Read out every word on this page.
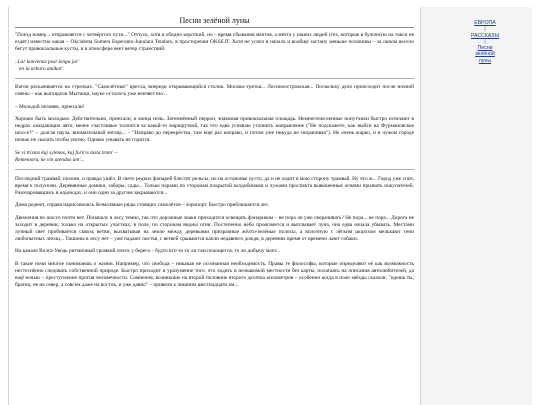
Песни зелёной луны	ЕВРОПА
|
РАССКАЗЫ
|
Песни
зелёной
луны

"Поезд номер... отправляется с четвёртого пути..." Отпуск, хотя я обидно короткий, но – время сбывания мечтов, а мечта у наших людей (тех, которые в булочную на такси не ездят) известно какая – Okcidenta Somera Esperanto-Junulara Tendaro, в просторечии OKSEJT. Хотя не успел в начало и вообще застану меньше половины – за окном весело бегут привокзальные кусты, и в атмосфере веет ветер странствий.

..Lar kanvenas post longa jar'
en la arbaro amikar'.

Вагон раскачивается на стрелках. "Самолётные" кресла, впереди открывающийся столик. Москва–третья... Лосиноостровская... Поскольку дело происходит после ночной смены – как выглядели Мытищи, наукe осталось уже неизвестно...

– Молодой человек, приехали!

Хорошо быть молодым. Действительно, приехали, и конца ночь. Затемнённый перрон, знакомая привокзальная площадь. Немногочисленные попутчики быстро исчезают в недрах ожидающих авто, менее счастливые толпятся за какой-то маршруткой, так что едва успеваю уточнить направление ("Не подскажете, как выйти на Фурмановское шоссе?" – долгая пауза, внимательный взгляд... – "Направо до перекрёстка, там ещё раз направо, и потом уже никуда не сворачивая"). Не очень жарко, и в чужом городе ночью не сказать чтобы уютно. Однако унывать не годится.

Se vi tristas kaj sylenas, kaj foriris lasta tram' –
Rememoru, ke vin atendas am'...

Последний трамвай, похоже, и правда ушёл. В свете редких фонарей блестят рельсы, но на остановке пусто, да и не ходит в мою сторону трамвай. Ну что ж... Город уже спит, время к полуночи. Деревянные домики, заборы, сады... Только парами по сторонам покрытой колдобинами и лужами проспекта вывешенные огнями призвать покупателей. Разочаровавшись в надеждах, и они один за другим закрываются...

Дома редеют, справа нарисовались безмолвные ряды стоящих самолётов – аэропорт. Быстро приближается лес.

Движения по шоссе почти нет. Поначалу в лесу темно, так что дорожные знаки приходится освещать фонариком – не пора ли уже сворачивать? Не пора... не пора... Дорога не заходит в деревни, только на открытых участках, в поле, по сторонам видны огни. Постепенно небо проясняется и выплывает луна, она едва начала убывать. Местами лунный свет пробивается сквозь ветви, выхватывая на земле между деревьями призрачные жёлто-зелёные полосы, а вплотную с лёгким шорохом мелькают тени любопытных лисиц... Тишины в лесу нет – уже падают листья, с ветвей срываются капли недавнего дождя, в деревнях время от времени лают собаки.

На канале Волга-Уводь ритмичный громкий плеск у берега – будто кто-то то ли там полощется, то ли добычу моет...

В такие ночи многое понимаешь о жизни. Например, что свобода – никакая не осознанная необходимость. Правы те философы, которые определяют её как возможность нестеснённо следовать собственной природе. Быстро приходит и уразумение того, что ходить в незнакомой местности без карты, полагаясь на описания автолюбителей, да ещё ночью – преступление против человечности. Сомнения, возникшие на второй половине второго десятка километров – особенно когда в поле звёзды сказали: "идешь ты, братец, не на север, а совсем даже на восток, и уже давно" – привели к лишним шестнадцати км...
